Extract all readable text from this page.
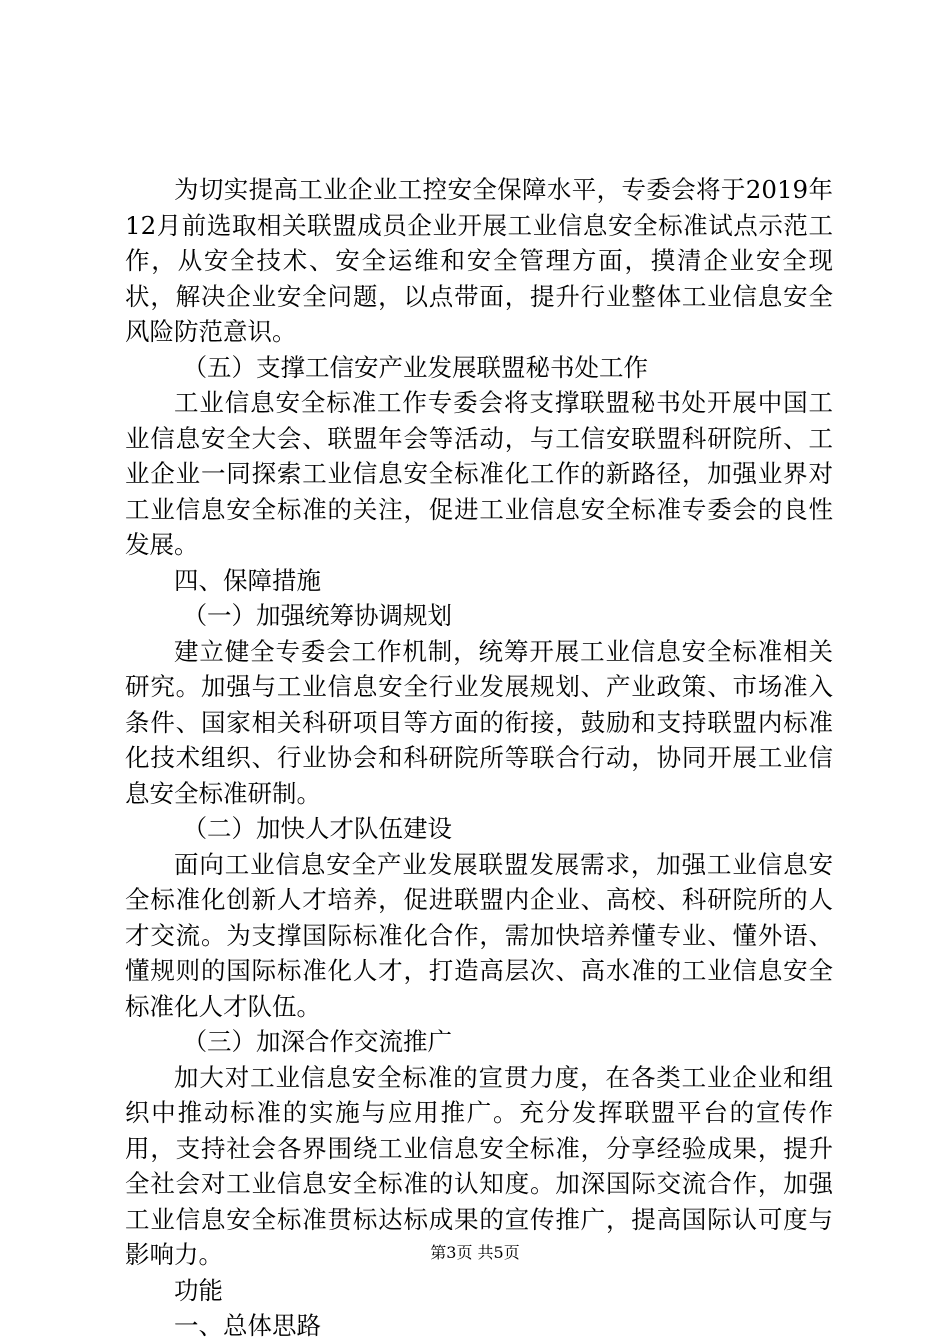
为切实提高工业企业工控安全保障水平，专委会将于2019年12月前选取相关联盟成员企业开展工业信息安全标准试点示范工作，从安全技术、安全运维和安全管理方面，摸清企业安全现状，解决企业安全问题，以点带面，提升行业整体工业信息安全风险防范意识。

（五）支撑工信安产业发展联盟秘书处工作

工业信息安全标准工作专委会将支撑联盟秘书处开展中国工业信息安全大会、联盟年会等活动，与工信安联盟科研院所、工业企业一同探索工业信息安全标准化工作的新路径，加强业界对工业信息安全标准的关注，促进工业信息安全标准专委会的良性发展。

四、保障措施

（一）加强统筹协调规划

建立健全专委会工作机制，统筹开展工业信息安全标准相关研究。加强与工业信息安全行业发展规划、产业政策、市场准入条件、国家相关科研项目等方面的衔接，鼓励和支持联盟内标准化技术组织、行业协会和科研院所等联合行动，协同开展工业信息安全标准研制。

（二）加快人才队伍建设

面向工业信息安全产业发展联盟发展需求，加强工业信息安全标准化创新人才培养，促进联盟内企业、高校、科研院所的人才交流。为支撑国际标准化合作，需加快培养懂专业、懂外语、懂规则的国际标准化人才，打造高层次、高水准的工业信息安全标准化人才队伍。

（三）加深合作交流推广

加大对工业信息安全标准的宣贯力度，在各类工业企业和组织中推动标准的实施与应用推广。充分发挥联盟平台的宣传作用，支持社会各界围绕工业信息安全标准，分享经验成果，提升全社会对工业信息安全标准的认知度。加深国际交流合作，加强工业信息安全标准贯标达标成果的宣传推广，提高国际认可度与影响力。

功能

一、总体思路

第3页 共5页
